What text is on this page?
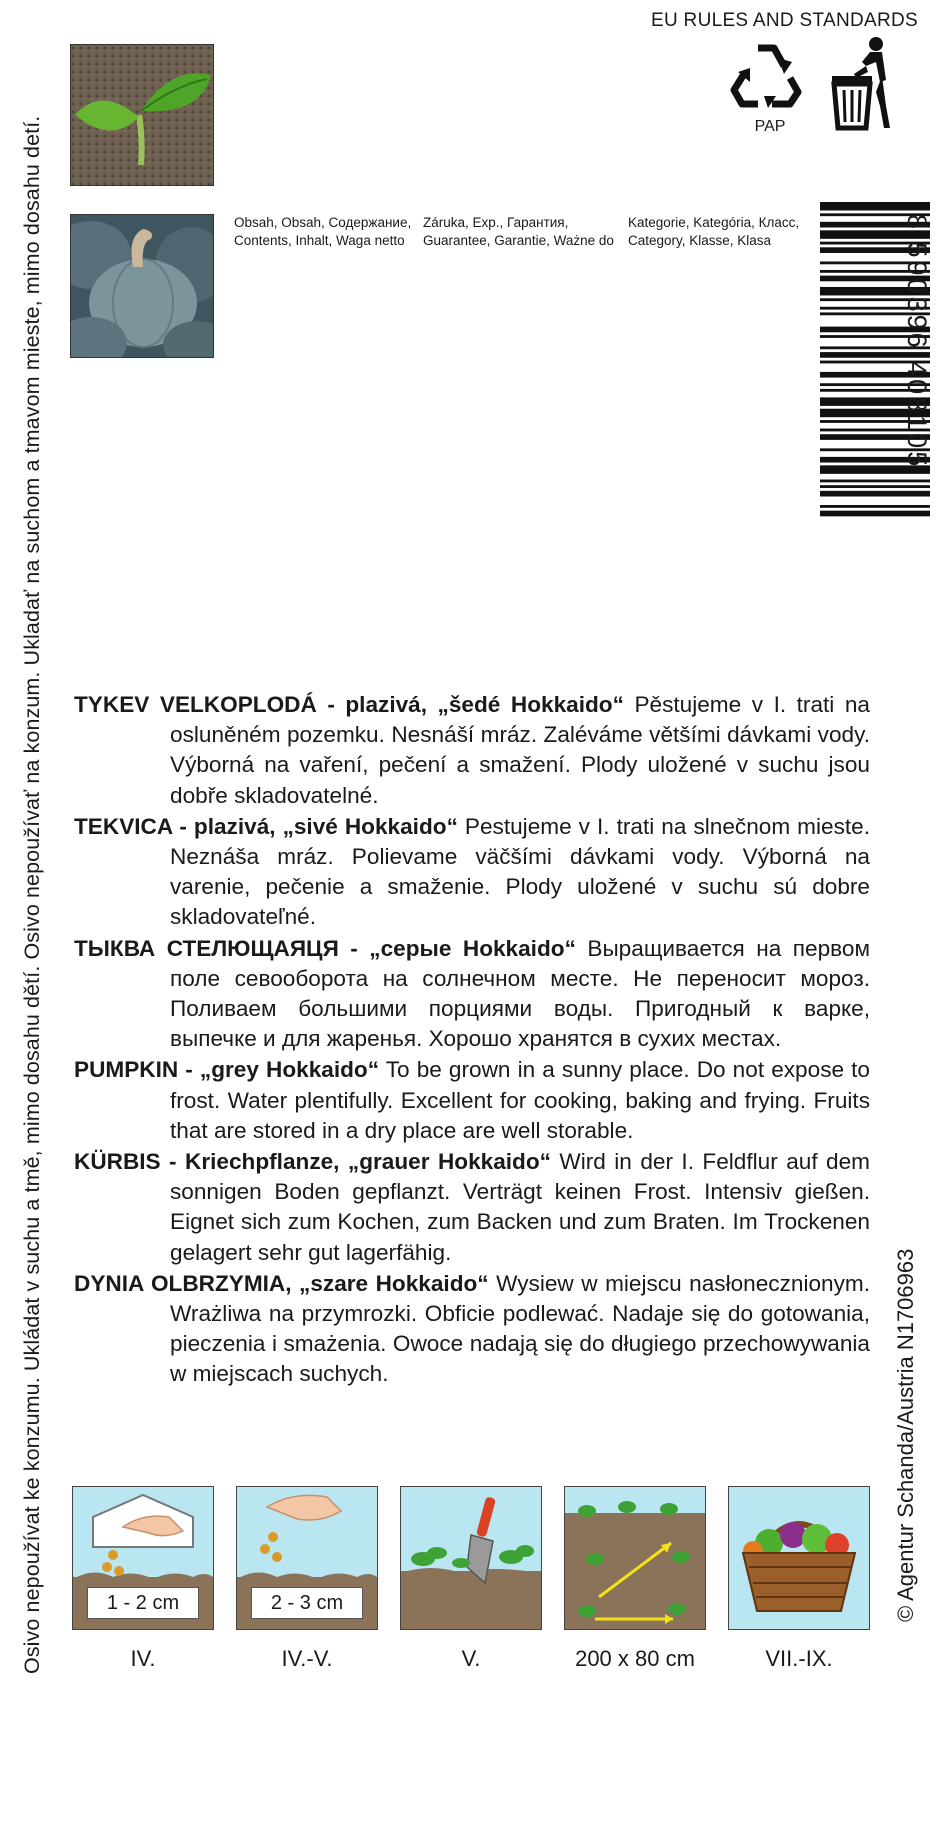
EU RULES AND STANDARDS
PAP
Obsah, Obsah, Содержание, Contents, Inhalt, Waga netto
Záruka, Exp., Гарантия, Guarantee, Garantie, Ważne do
Kategorie, Kategória, Класс, Category, Klasse, Klasa	8 590396 408105
Osivo nepoužívat ke konzumu. Ukládat v suchu a tmě, mimo dosahu dětí. Osivo nepoužívať na konzum. Ukladať na suchom a tmavom mieste, mimo dosahu detí.	© Agentur Schanda/Austria N1706963

TYKEV VELKOPLODÁ - plazivá, „šedé Hokkaido“ Pěstujeme v I. trati na osluněném pozemku. Nesnáší mráz. Zaléváme většími dávkami vody. Výborná na vaření, pečení a smažení. Plody uložené v suchu jsou dobře skladovatelné.

TEKVICA - plazivá, „sivé Hokkaido“ Pestujeme v I. trati na slnečnom mieste. Neznáša mráz. Polievame väčšími dávkami vody. Výborná na varenie, pečenie a smaženie. Plody uložené v suchu sú dobre skladovateľné.

ТЫКВА СТЕЛЮЩАЯЦЯ - „серые Hokkaido“ Выращивается на первом поле севооборота на солнечном месте. Не переносит мороз. Поливаем большими порциями воды. Пригодный к варке, выпечке и для жаренья. Хорошо хранятся в сухих местах.

PUMPKIN - „grey Hokkaido“ To be grown in a sunny place. Do not expose to frost. Water plentifully. Excellent for cooking, baking and frying. Fruits that are stored in a dry place are well storable.

KÜRBIS - Kriechpflanze, „grauer Hokkaido“ Wird in der I. Feldflur auf dem sonnigen Boden gepflanzt. Verträgt keinen Frost. Intensiv gießen. Eignet sich zum Kochen, zum Backen und zum Braten. Im Trockenen gelagert sehr gut lagerfähig.

DYNIA OLBRZYMIA, „szare Hokkaido“ Wysiew w miejscu nasłonecznionym. Wrażliwa na przymrozki. Obficie podlewać. Nadaje się do gotowania, pieczenia i smażenia. Owoce nadają się do długiego przechowywania w miejscach suchych.

1 - 2 cm
IV.
2 - 3 cm
IV.-V.	V.	200 x 80 cm	VII.-IX.
